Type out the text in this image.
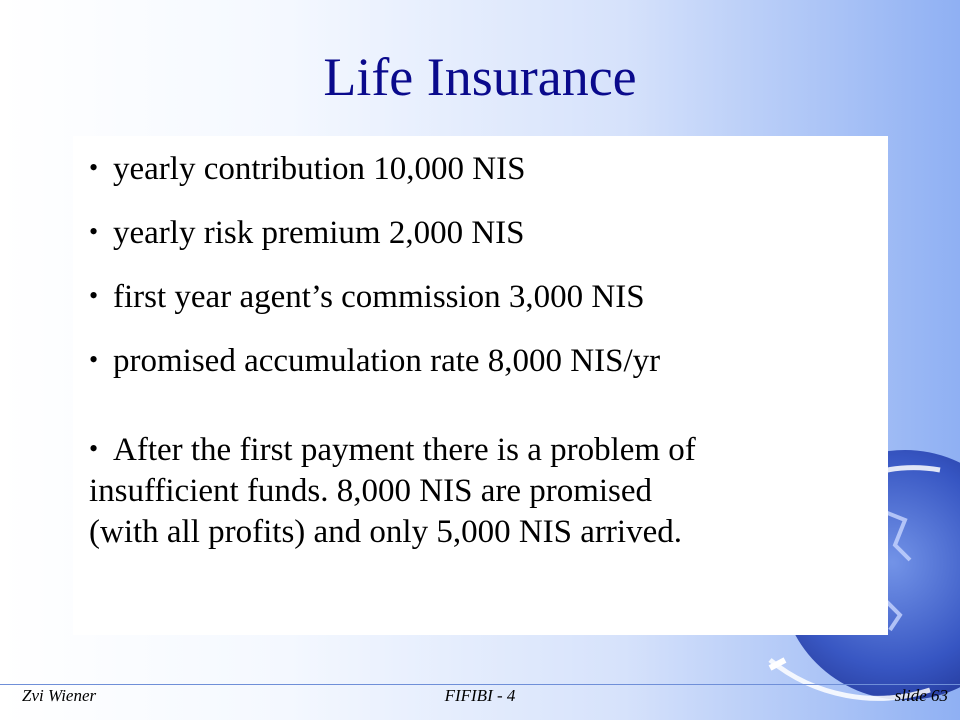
Life Insurance
• yearly contribution 10,000 NIS
• yearly risk premium 2,000 NIS
• first year agent’s commission 3,000 NIS
• promised accumulation rate 8,000 NIS/yr
• After the first payment there is a problem of
insufficient funds. 8,000 NIS are promised
(with all profits) and only 5,000 NIS arrived.
Zvi Wiener	FIFIBI - 4	slide 63
